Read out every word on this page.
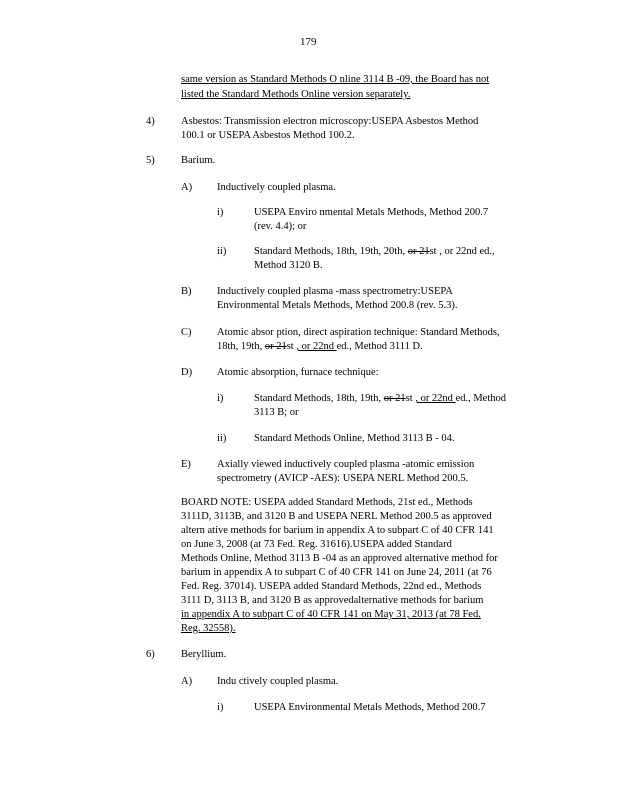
179
same version as Standard Methods O nline 3114 B -09, the Board has not
listed the Standard Methods Online version separately.
4)	Asbestos: Transmission electron microscopy:USEPA Asbestos Method
100.1 or USEPA Asbestos Method 100.2.
5)	Barium.
A) Inductively coupled plasma.
i)	USEPA Enviro nmental Metals Methods, Method 200.7
(rev. 4.4); or
ii)	Standard Methods, 18th, 19th, 20th, or 21st , or 22nd ed.,
Method 3120 B.
B) Inductively coupled plasma -mass spectrometry:USEPA
Environmental Metals Methods, Method 200.8 (rev. 5.3).
C) Atomic absor ption, direct aspiration technique: Standard Methods,
18th, 19th, or 21st , or 22nd ed., Method 3111 D.
D) Atomic absorption, furnace technique:
i)	Standard Methods, 18th, 19th, or 21st , or 22nd ed., Method
3113 B; or
ii)	Standard Methods Online, Method 3113 B - 04.
E) Axially viewed inductively coupled plasma -atomic emission
spectrometry (AVICP -AES): USEPA NERL Method 200.5.
BOARD NOTE: USEPA added Standard Methods, 21st ed., Methods
3111D, 3113B, and 3120 B and USEPA NERL Method 200.5 as approved
altern ative methods for barium in appendix A to subpart C of 40 CFR 141
on June 3, 2008 (at 73 Fed. Reg. 31616).USEPA added Standard
Methods Online, Method 3113 B -04 as an approved alternative method for
barium in appendix A to subpart C of 40 CFR 141 on June 24, 2011 (at 76
Fed. Reg. 37014). USEPA added Standard Methods, 22nd ed., Methods
3111 D, 3113 B, and 3120 B as approvedalternative methods for barium
in appendix A to subpart C of 40 CFR 141 on May 31, 2013 (at 78 Fed.
Reg. 32558).
6)	Beryllium.
A) Indu ctively coupled plasma.
i)	USEPA Environmental Metals Methods, Method 200.7
